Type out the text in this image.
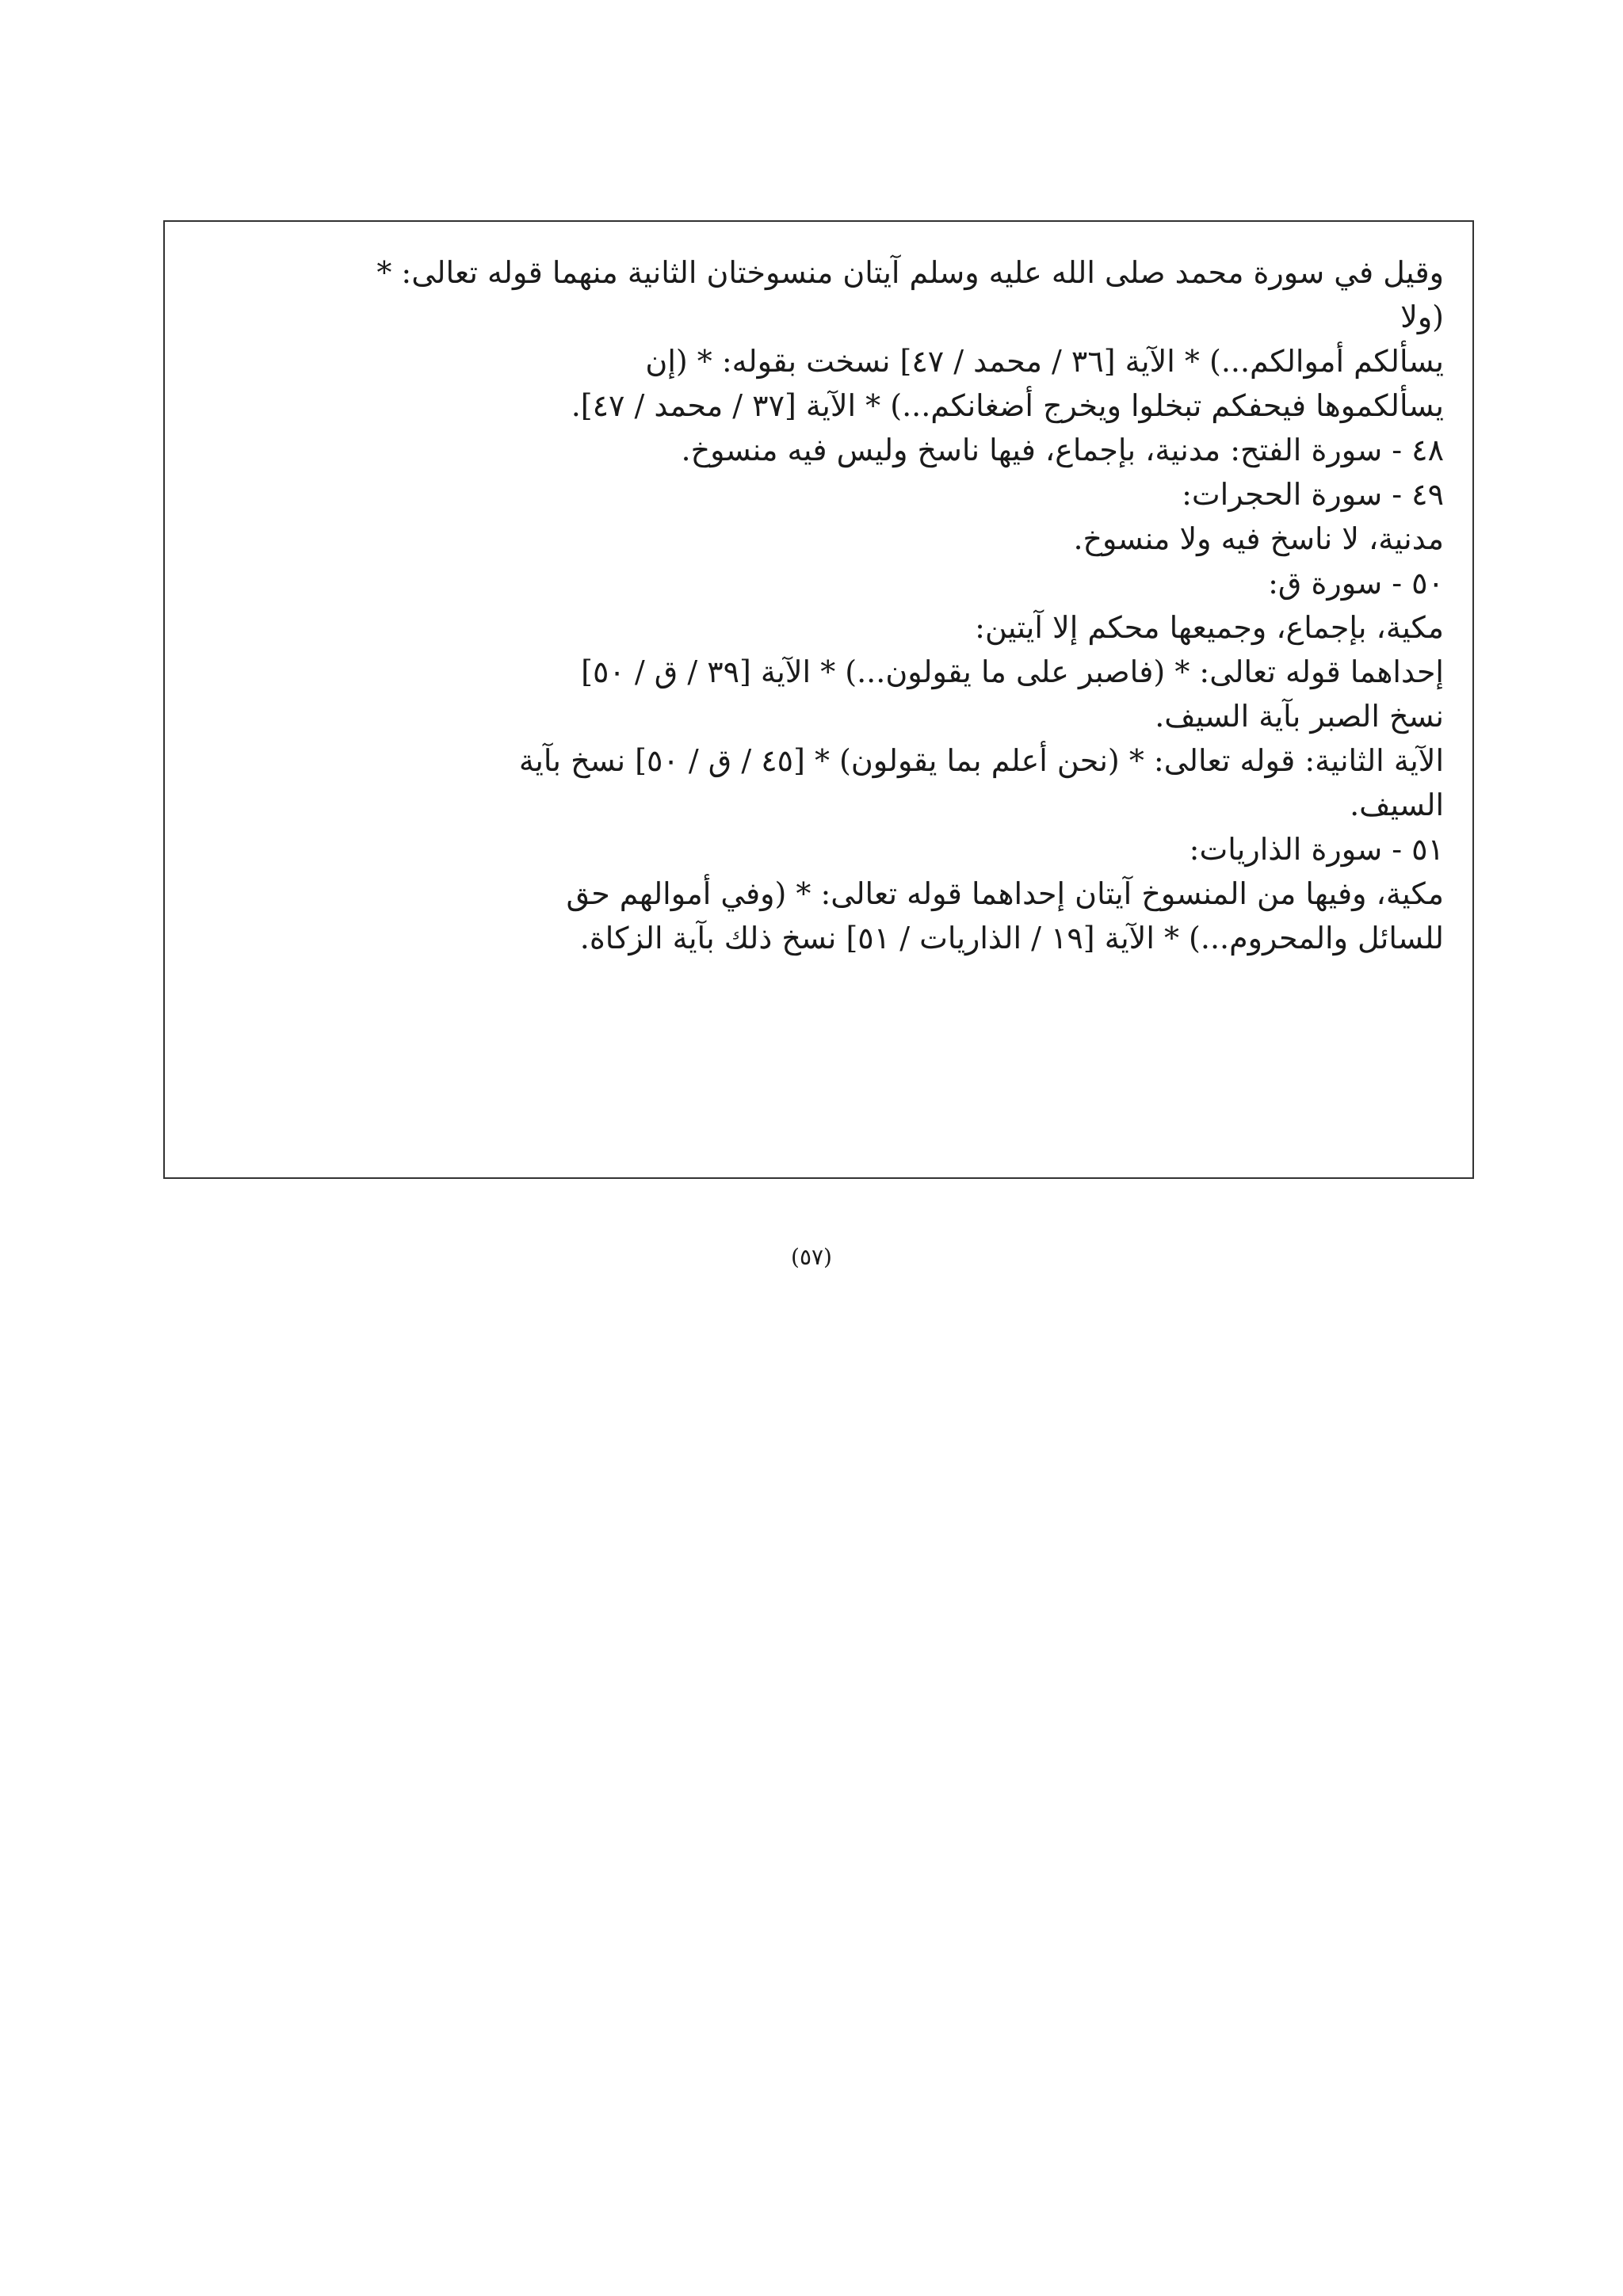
وقيل في سورة محمد صلى الله عليه وسلم آيتان منسوختان الثانية منهما قوله تعالى: *
(ولا
يسألكم أموالكم...) * الآية [٣٦ / محمد / ٤٧] نسخت بقوله: * (إن
يسألكموها فيحفكم تبخلوا ويخرج أضغانكم...) * الآية [٣٧ / محمد / ٤٧].
٤٨ - سورة الفتح: مدنية، بإجماع، فيها ناسخ وليس فيه منسوخ.
٤٩ - سورة الحجرات:
مدنية، لا ناسخ فيه ولا منسوخ.
٥٠ - سورة ق:
مكية، بإجماع، وجميعها محكم إلا آيتين:
إحداهما قوله تعالى: * (فاصبر على ما يقولون...) * الآية [٣٩ / ق / ٥٠]
نسخ الصبر بآية السيف.
الآية الثانية: قوله تعالى: * (نحن أعلم بما يقولون) * [٤٥ / ق / ٥٠] نسخ بآية
السيف.
٥١ - سورة الذاريات:
مكية، وفيها من المنسوخ آيتان إحداهما قوله تعالى: * (وفي أموالهم حق
للسائل والمحروم...) * الآية [١٩ / الذاريات / ٥١] نسخ ذلك بآية الزكاة.
(٥٧)
